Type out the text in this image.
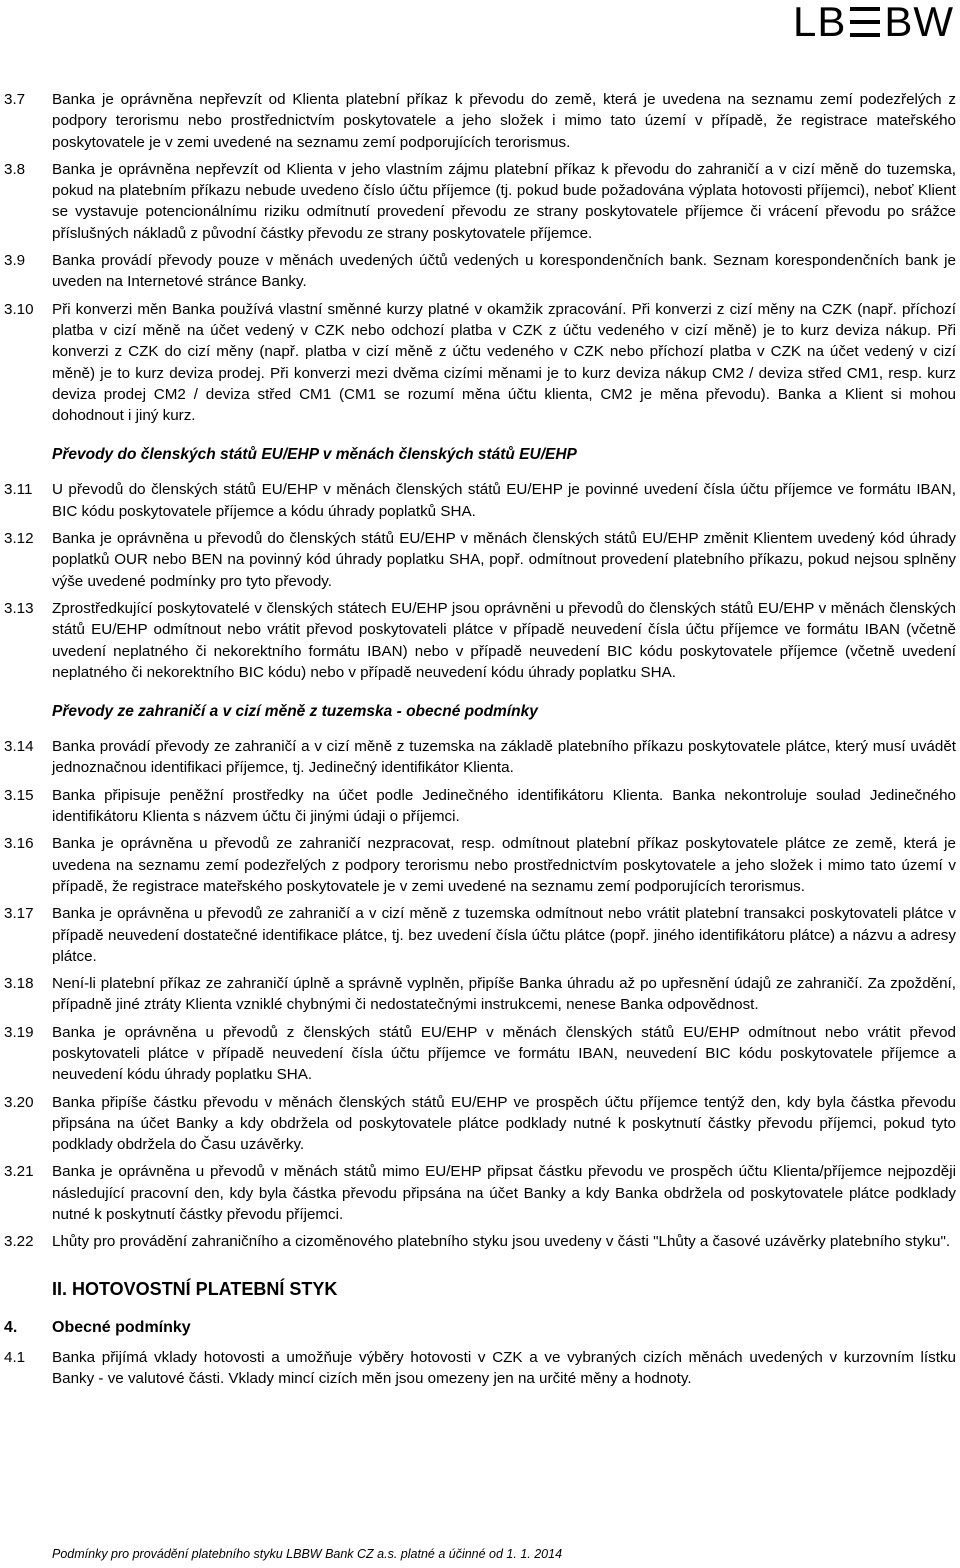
LB BW
3.7	Banka je oprávněna nepřevzít od Klienta platební příkaz k převodu do země, která je uvedena na seznamu zemí podezřelých z podpory terorismu nebo prostřednictvím poskytovatele a jeho složek i mimo tato území v případě, že registrace mateřského poskytovatele je v zemi uvedené na seznamu zemí podporujících terorismus.
3.8	Banka je oprávněna nepřevzít od Klienta v jeho vlastním zájmu platební příkaz k převodu do zahraničí a v cizí měně do tuzemska, pokud na platebním příkazu nebude uvedeno číslo účtu příjemce (tj. pokud bude požadována výplata hotovosti příjemci), neboť Klient se vystavuje potencionálnímu riziku odmítnutí provedení převodu ze strany poskytovatele příjemce či vrácení převodu po srážce příslušných nákladů z původní částky převodu ze strany poskytovatele příjemce.
3.9	Banka provádí převody pouze v měnách uvedených účtů vedených u korespondenčních bank. Seznam korespondenčních bank je uveden na Internetové stránce Banky.
3.10	Při konverzi měn Banka používá vlastní směnné kurzy platné v okamžik zpracování. Při konverzi z cizí měny na CZK (např. příchozí platba v cizí měně na účet vedený v CZK nebo odchozí platba v CZK z účtu vedeného v cizí měně) je to kurz deviza nákup. Při konverzi z CZK do cizí měny (např. platba v cizí měně z účtu vedeného v CZK nebo příchozí platba v CZK na účet vedený v cizí měně) je to kurz deviza prodej. Při konverzi mezi dvěma cizími měnami je to kurz deviza nákup CM2 / deviza střed CM1, resp. kurz deviza prodej CM2 / deviza střed CM1 (CM1 se rozumí měna účtu klienta, CM2 je měna převodu). Banka a Klient si mohou dohodnout i jiný kurz.
Převody do členských států EU/EHP v měnách členských států EU/EHP
3.11	U převodů do členských států EU/EHP v měnách členských států EU/EHP je povinné uvedení čísla účtu příjemce ve formátu IBAN, BIC kódu poskytovatele příjemce a kódu úhrady poplatků SHA.
3.12	Banka je oprávněna u převodů do členských států EU/EHP v měnách členských států EU/EHP změnit Klientem uvedený kód úhrady poplatků OUR nebo BEN na povinný kód úhrady poplatku SHA, popř. odmítnout provedení platebního příkazu, pokud nejsou splněny výše uvedené podmínky pro tyto převody.
3.13	Zprostředkující poskytovatelé v členských státech EU/EHP jsou oprávněni u převodů do členských států EU/EHP v měnách členských států EU/EHP odmítnout nebo vrátit převod poskytovateli plátce v případě neuvedení čísla účtu příjemce ve formátu IBAN (včetně uvedení neplatného či nekorektního formátu IBAN) nebo v případě neuvedení BIC kódu poskytovatele příjemce (včetně uvedení neplatného či nekorektního BIC kódu) nebo v případě neuvedení kódu úhrady poplatku SHA.
Převody ze zahraničí a v cizí měně z tuzemska - obecné podmínky
3.14	Banka provádí převody ze zahraničí a v cizí měně z tuzemska na základě platebního příkazu poskytovatele plátce, který musí uvádět jednoznačnou identifikaci příjemce, tj. Jedinečný identifikátor Klienta.
3.15	Banka připisuje peněžní prostředky na účet podle Jedinečného identifikátoru Klienta. Banka nekontroluje soulad Jedinečného identifikátoru Klienta s názvem účtu či jinými údaji o příjemci.
3.16	Banka je oprávněna u převodů ze zahraničí nezpracovat, resp. odmítnout platební příkaz poskytovatele plátce ze země, která je uvedena na seznamu zemí podezřelých z podpory terorismu nebo prostřednictvím poskytovatele a jeho složek i mimo tato území v případě, že registrace mateřského poskytovatele je v zemi uvedené na seznamu zemí podporujících terorismus.
3.17	Banka je oprávněna u převodů ze zahraničí a v cizí měně z tuzemska odmítnout nebo vrátit platební transakci poskytovateli plátce v případě neuvedení dostatečné identifikace plátce, tj. bez uvedení čísla účtu plátce (popř. jiného identifikátoru plátce) a názvu a adresy plátce.
3.18	Není-li platební příkaz ze zahraničí úplně a správně vyplněn, připíše Banka úhradu až po upřesnění údajů ze zahraničí. Za zpoždění, případně jiné ztráty Klienta vzniklé chybnými či nedostatečnými instrukcemi, nenese Banka odpovědnost.
3.19	Banka je oprávněna u převodů z členských států EU/EHP v měnách členských států EU/EHP odmítnout nebo vrátit převod poskytovateli plátce v případě neuvedení čísla účtu příjemce ve formátu IBAN, neuvedení BIC kódu poskytovatele příjemce a neuvedení kódu úhrady poplatku SHA.
3.20	Banka připíše částku převodu v měnách členských států EU/EHP ve prospěch účtu příjemce tentýž den, kdy byla částka převodu připsána na účet Banky a kdy obdržela od poskytovatele plátce podklady nutné k poskytnutí částky převodu příjemci, pokud tyto podklady obdržela do Času uzávěrky.
3.21	Banka je oprávněna u převodů v měnách států mimo EU/EHP připsat částku převodu ve prospěch účtu Klienta/příjemce nejpozději následující pracovní den, kdy byla částka převodu připsána na účet Banky a kdy Banka obdržela od poskytovatele plátce podklady nutné k poskytnutí částky převodu příjemci.
3.22	Lhůty pro provádění zahraničního a cizoměnového platebního styku jsou uvedeny v části "Lhůty a časové uzávěrky platebního styku".
II. HOTOVOSTNÍ PLATEBNÍ STYK
4.	Obecné podmínky
4.1	Banka přijímá vklady hotovosti a umožňuje výběry hotovosti v CZK a ve vybraných cizích měnách uvedených v kurzovním lístku Banky - ve valutové části. Vklady mincí cizích měn jsou omezeny jen na určité měny a hodnoty.
Podmínky pro provádění platebního styku LBBW Bank CZ a.s. platné a účinné od 1. 1. 2014
